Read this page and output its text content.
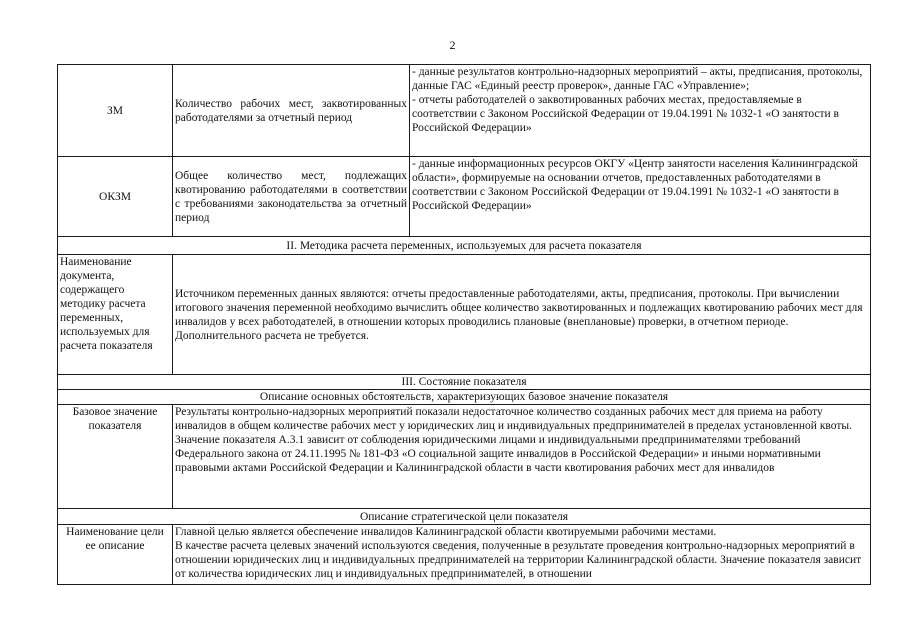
2
ЗМ	Количество рабочих мест, заквотированных работодателями за отчетный период	- данные результатов контрольно-надзорных мероприятий – акты, предписания, протоколы, данные ГАС «Единый реестр проверок», данные ГАС «Управление»;
- отчеты работодателей о заквотированных рабочих местах, предоставляемые в соответствии с Законом Российской Федерации от 19.04.1991 № 1032-1 «О занятости в Российской Федерации»

ОКЗМ	Общее количество мест, подлежащих квотированию работодателями в соответствии с требованиями законодательства за отчетный период	- данные информационных ресурсов ОКГУ «Центр занятости населения Калининградской области», формируемые на основании отчетов, предоставленных работодателями в соответствии с Законом Российской Федерации от 19.04.1991 № 1032-1 «О занятости в Российской Федерации»

II. Методика расчета переменных, используемых для расчета показателя		
Наименование документа, содержащего методику расчета переменных, используемых для расчета показателя	Источником переменных данных являются: отчеты предоставленные работодателями, акты, предписания, протоколы. При вычислении итогового значения переменной необходимо вычислить общее количество заквотированных и подлежащих квотированию рабочих мест для инвалидов у всех работодателей, в отношении которых проводились плановые (внеплановые) проверки, в отчетном периоде. Дополнительного расчета не требуется.	
III. Состояние показателя		
Описание основных обстоятельств, характеризующих базовое значение показателя		
Базовое значение показателя	Результаты контрольно-надзорных мероприятий показали недостаточное количество созданных рабочих мест для приема на работу инвалидов в общем количестве рабочих мест у юридических лиц и индивидуальных предпринимателей в пределах установленной квоты.
Значение показателя А.3.1 зависит от соблюдения юридическими лицами и индивидуальными предпринимателями требований Федерального закона от 24.11.1995 № 181-ФЗ «О социальной защите инвалидов в Российской Федерации» и иными нормативными правовыми актами Российской Федерации и Калининградской области в части квотирования рабочих мест для инвалидов	

Описание стратегической цели показателя		
Наименование цели ее описание	Главной целью является обеспечение инвалидов Калининградской области квотируемыми рабочими местами.
В качестве расчета целевых значений используются сведения, полученные в результате проведения контрольно-надзорных мероприятий в отношении юридических лиц и индивидуальных предпринимателей на территории Калининградской области. Значение показателя зависит от количества юридических лиц и индивидуальных предпринимателей, в отношении	
